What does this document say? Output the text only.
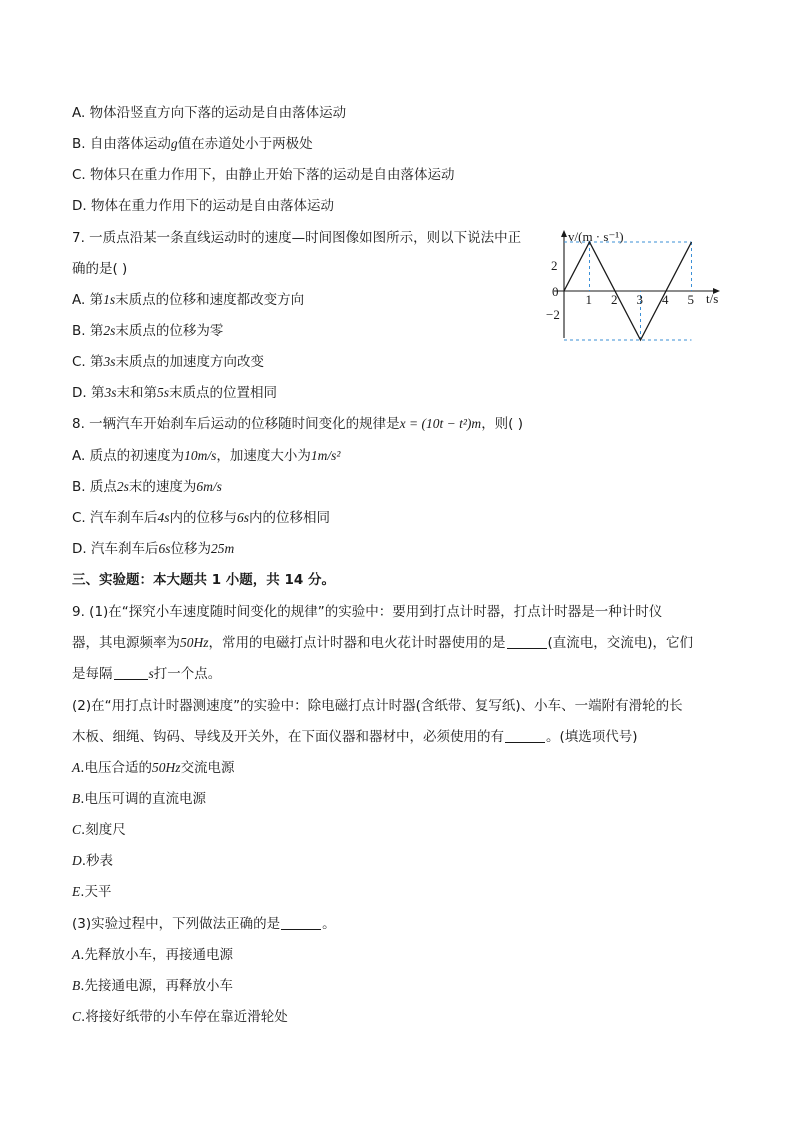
A. 物体沿竖直方向下落的运动是自由落体运动
B. 自由落体运动g值在赤道处小于两极处
C. 物体只在重力作用下，由静止开始下落的运动是自由落体运动
D. 物体在重力作用下的运动是自由落体运动
7. 一质点沿某一条直线运动时的速度—时间图像如图所示，则以下说法中正
确的是( )
A. 第1s末质点的位移和速度都改变方向
B. 第2s末质点的位移为零
C. 第3s末质点的加速度方向改变
D. 第3s末和第5s末质点的位置相同
v/(m · s⁻¹)
t/s
2
0
−2
1 2 3 4 5
8. 一辆汽车开始刹车后运动的位移随时间变化的规律是x = (10t − t²)m，则( )
A. 质点的初速度为10m/s，加速度大小为1m/s²
B. 质点2s末的速度为6m/s
C. 汽车刹车后4s内的位移与6s内的位移相同
D. 汽车刹车后6s位移为25m
三、实验题：本大题共 1 小题，共 14 分。
9. (1)在“探究小车速度随时间变化的规律”的实验中：要用到打点计时器，打点计时器是一种计时仪
器，其电源频率为50Hz，常用的电磁打点计时器和电火花计时器使用的是	(直流电，交流电)，它们
是每隔	s打一个点。
(2)在“用打点计时器测速度”的实验中：除电磁打点计时器(含纸带、复写纸)、小车、一端附有滑轮的长
木板、细绳、钩码、导线及开关外，在下面仪器和器材中，必须使用的有	。(填选项代号)
A.电压合适的50Hz交流电源
B.电压可调的直流电源
C.刻度尺
D.秒表
E.天平
(3)实验过程中，下列做法正确的是	。
A.先释放小车，再接通电源
B.先接通电源，再释放小车
C.将接好纸带的小车停在靠近滑轮处
